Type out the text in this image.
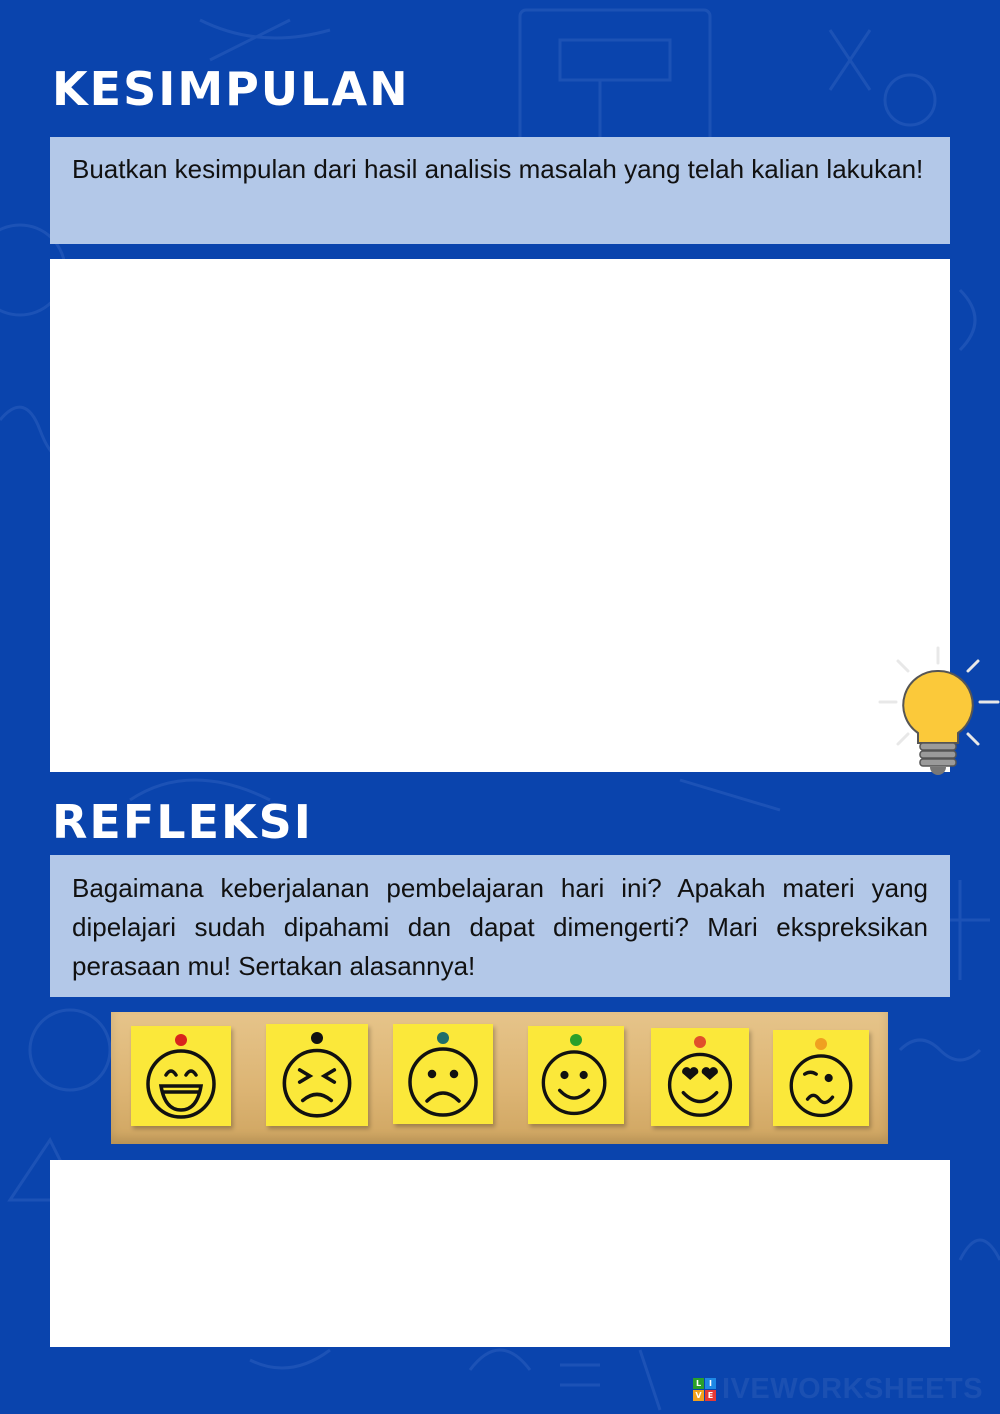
KESIMPULAN
Buatkan kesimpulan dari hasil analisis masalah yang telah kalian lakukan!
REFLEKSI
Bagaimana keberjalanan pembelajaran hari ini? Apakah materi yang dipelajari sudah dipahami dan dapat dimengerti? Mari ekspreksikan perasaan mu! Sertakan alasannya!
L I
V E IVEWORKSHEETS
